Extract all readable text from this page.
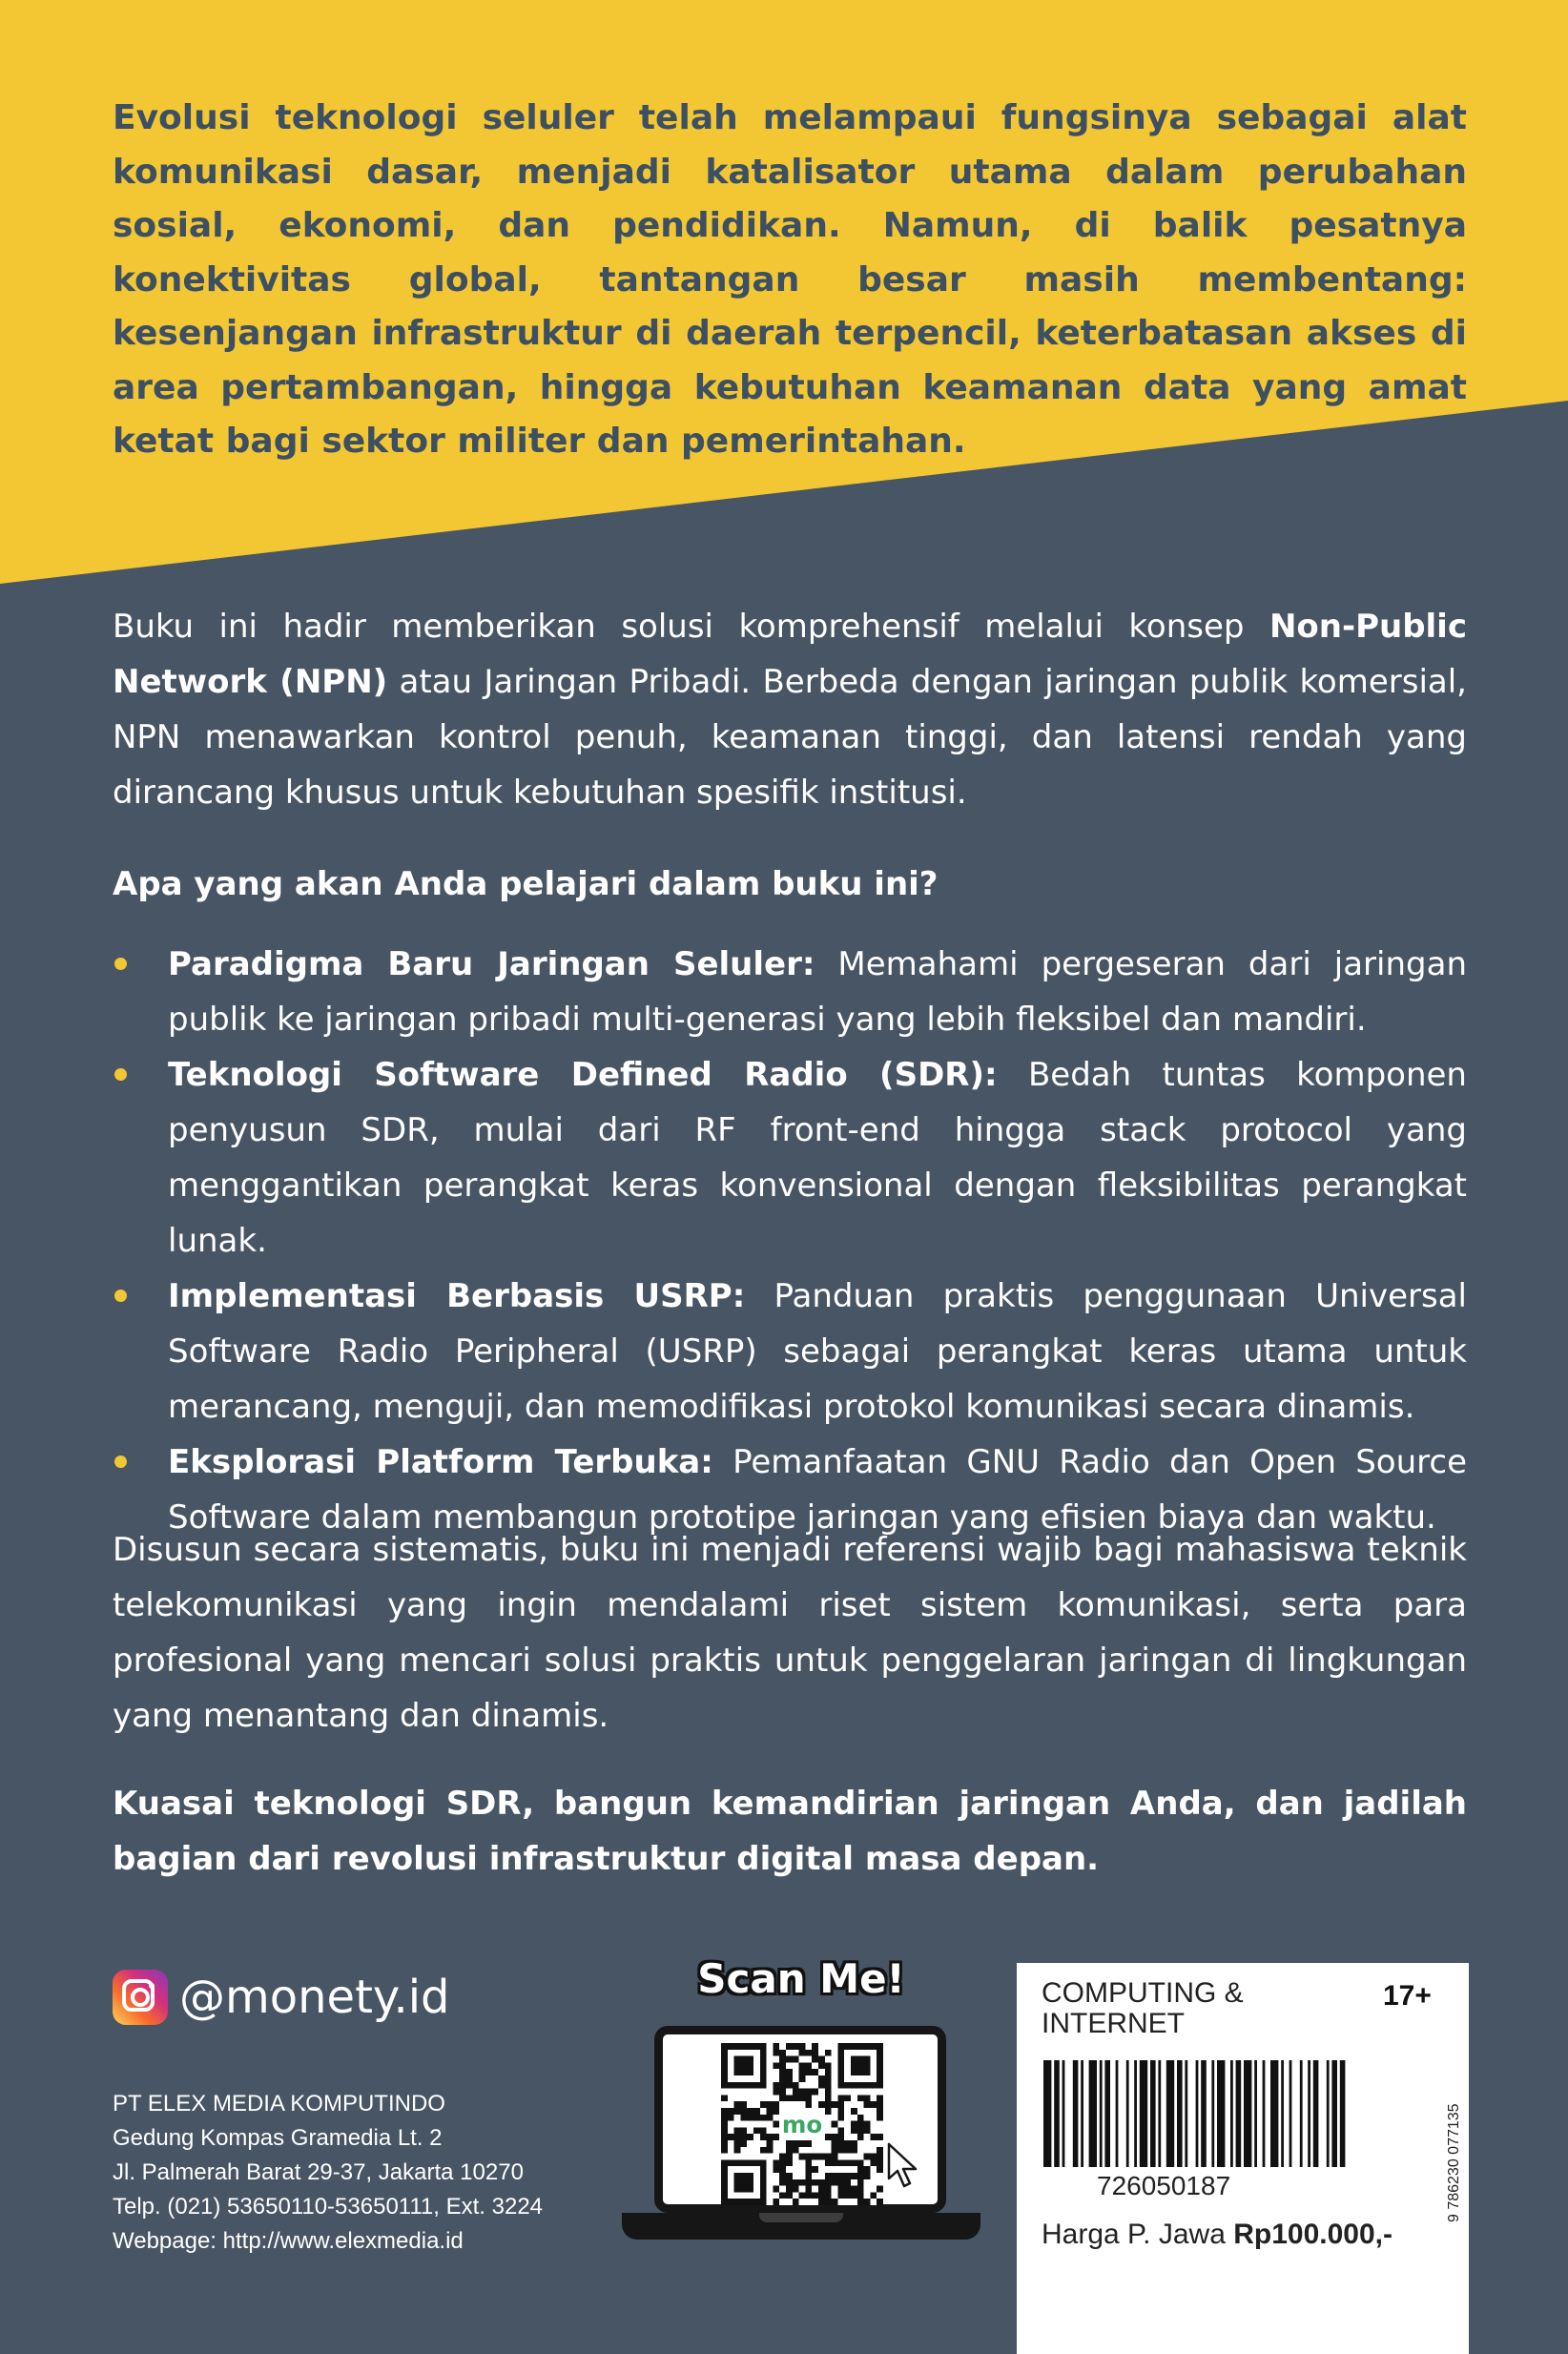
Evolusi teknologi seluler telah melampaui fungsinya sebagai alat komunikasi dasar, menjadi katalisator utama dalam perubahan sosial, ekonomi, dan pendidikan. Namun, di balik pesatnya konektivitas global, tantangan besar masih membentang: kesenjangan infrastruktur di daerah terpencil, keterbatasan akses di area pertambangan, hingga kebutuhan keamanan data yang amat ketat bagi sektor militer dan pemerintahan.

Buku ini hadir memberikan solusi komprehensif melalui konsep Non-Public Network (NPN) atau Jaringan Pribadi. Berbeda dengan jaringan publik komersial, NPN menawarkan kontrol penuh, keamanan tinggi, dan latensi rendah yang dirancang khusus untuk kebutuhan spesifik institusi.

Apa yang akan Anda pelajari dalam buku ini?

Paradigma Baru Jaringan Seluler: Memahami pergeseran dari jaringan publik ke jaringan pribadi multi-generasi yang lebih fleksibel dan mandiri.
Teknologi Software Defined Radio (SDR): Bedah tuntas komponen penyusun SDR, mulai dari RF front-end hingga stack protocol yang menggantikan perangkat keras konvensional dengan fleksibilitas perangkat lunak.
Implementasi Berbasis USRP: Panduan praktis penggunaan Universal Software Radio Peripheral (USRP) sebagai perangkat keras utama untuk merancang, menguji, dan memodifikasi protokol komunikasi secara dinamis.
Eksplorasi Platform Terbuka: Pemanfaatan GNU Radio dan Open Source Software dalam membangun prototipe jaringan yang efisien biaya dan waktu.

Disusun secara sistematis, buku ini menjadi referensi wajib bagi mahasiswa teknik telekomunikasi yang ingin mendalami riset sistem komunikasi, serta para profesional yang mencari solusi praktis untuk penggelaran jaringan di lingkungan yang menantang dan dinamis.

Kuasai teknologi SDR, bangun kemandirian jaringan Anda, dan jadilah bagian dari revolusi infrastruktur digital masa depan.

@monety.id
PT ELEX MEDIA KOMPUTINDO
Gedung Kompas Gramedia Lt. 2
Jl. Palmerah Barat 29-37, Jakarta 10270
Telp. (021) 53650110-53650111, Ext. 3224
Webpage: http://www.elexmedia.id
Scan Me!
mo
COMPUTING &
INTERNET
17+
9 786230 077135
726050187
Harga P. Jawa Rp100.000,-
